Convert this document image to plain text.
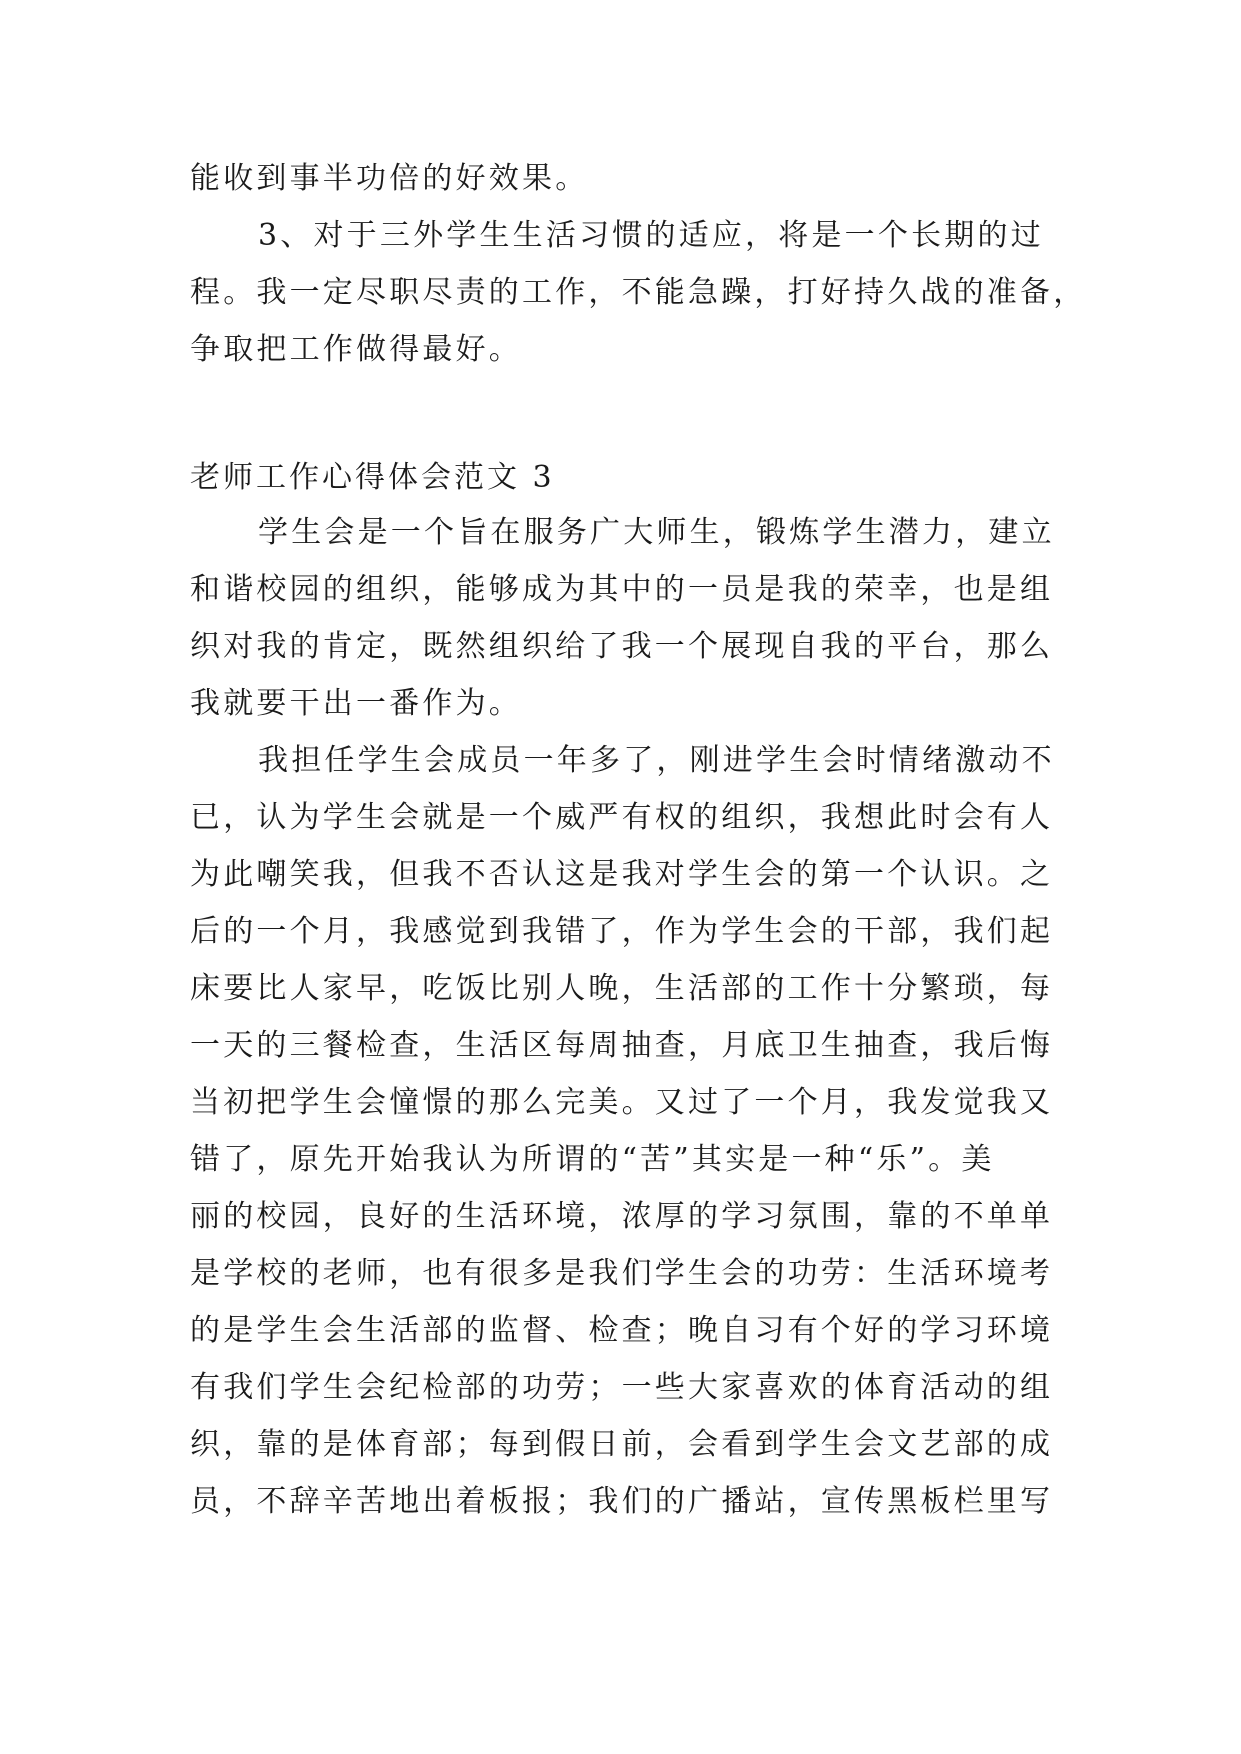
能收到事半功倍的好效果。
3、对于三外学生生活习惯的适应，将是一个长期的过
程。我一定尽职尽责的工作，不能急躁，打好持久战的准备，
争取把工作做得最好。
老师工作心得体会范文 3
学生会是一个旨在服务广大师生，锻炼学生潜力，建立
和谐校园的组织，能够成为其中的一员是我的荣幸，也是组
织对我的肯定，既然组织给了我一个展现自我的平台，那么
我就要干出一番作为。
我担任学生会成员一年多了，刚进学生会时情绪激动不
已，认为学生会就是一个威严有权的组织，我想此时会有人
为此嘲笑我，但我不否认这是我对学生会的第一个认识。之
后的一个月，我感觉到我错了，作为学生会的干部，我们起
床要比人家早，吃饭比别人晚，生活部的工作十分繁琐，每
一天的三餐检查，生活区每周抽查，月底卫生抽查，我后悔
当初把学生会憧憬的那么完美。又过了一个月，我发觉我又
错了，原先开始我认为所谓的“苦”其实是一种“乐”。美
丽的校园，良好的生活环境，浓厚的学习氛围，靠的不单单
是学校的老师，也有很多是我们学生会的功劳：生活环境考
的是学生会生活部的监督、检查；晚自习有个好的学习环境
有我们学生会纪检部的功劳；一些大家喜欢的体育活动的组
织，靠的是体育部；每到假日前，会看到学生会文艺部的成
员，不辞辛苦地出着板报；我们的广播站，宣传黑板栏里写
